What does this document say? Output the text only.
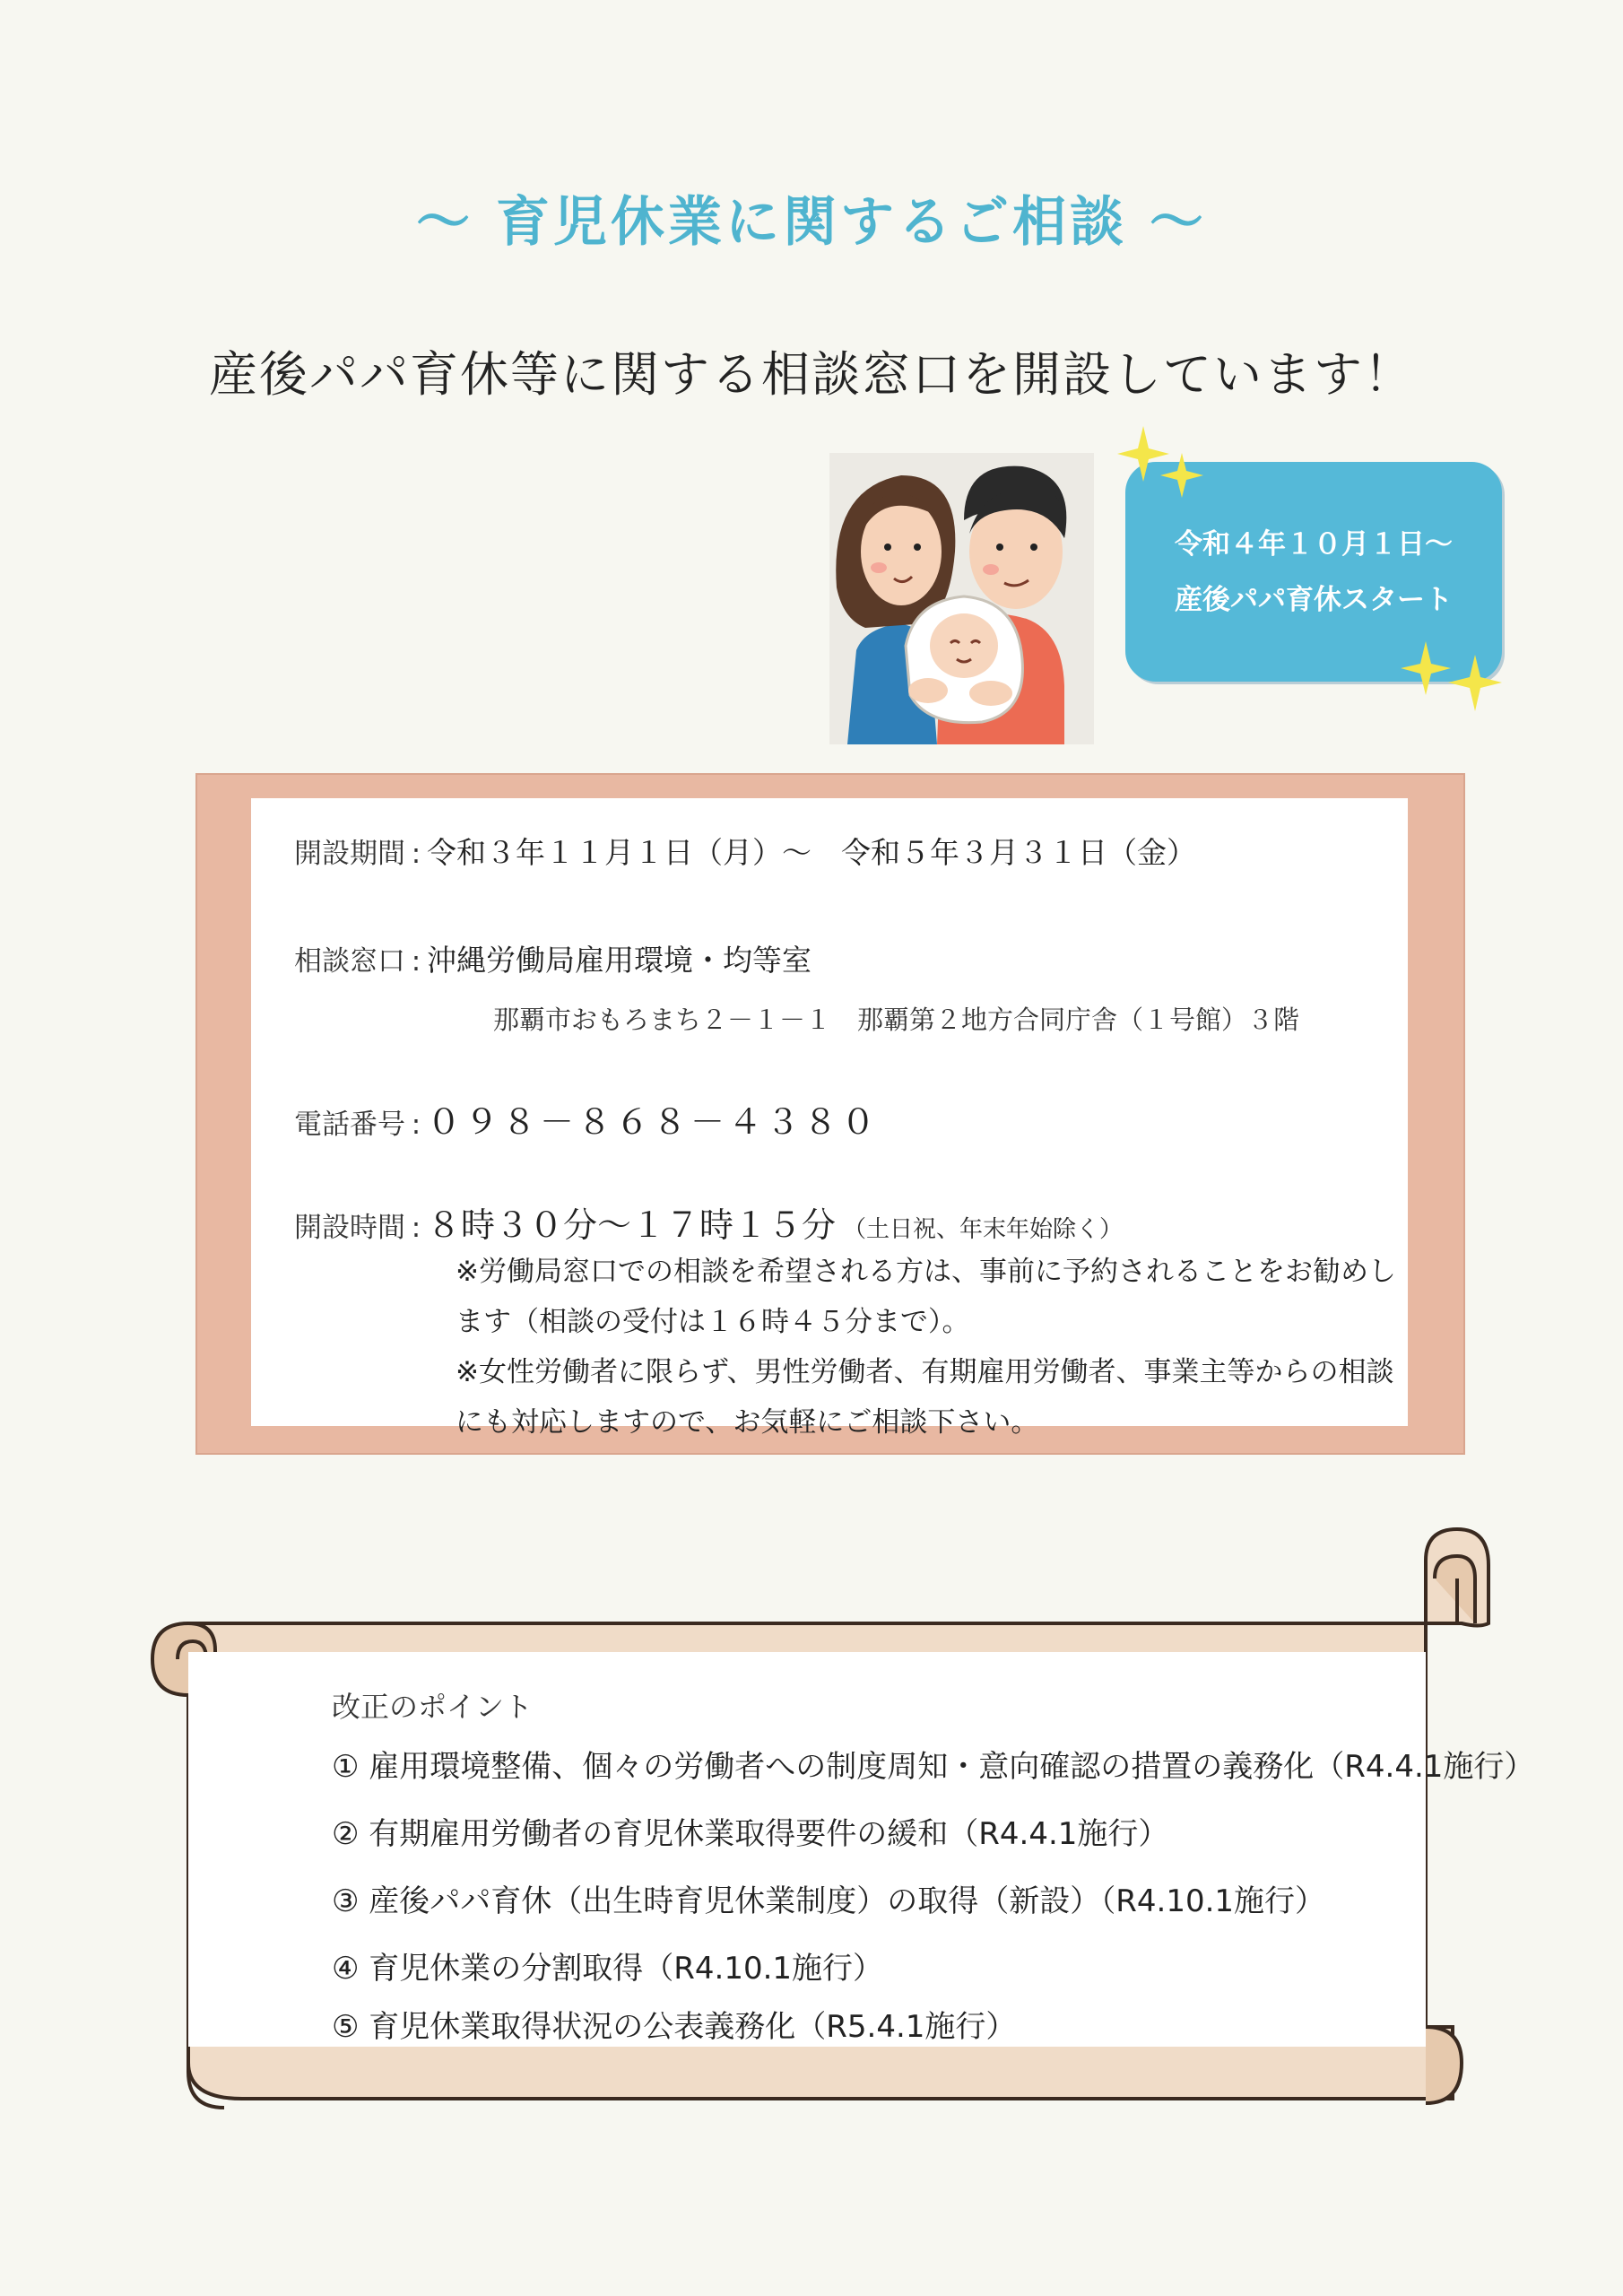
～ 育児休業に関するご相談 ～
産後パパ育休等に関する相談窓口を開設しています！
令和４年１０月１日～
産後パパ育休スタート
開設期間 : 令和３年１１月１日（月）～　令和５年３月３１日（金）
相談窓口 : 沖縄労働局雇用環境・均等室
那覇市おもろまち２－１－１　那覇第２地方合同庁舎（１号館）３階
電話番号 : ０９８－８６８－４３８０
開設時間 : ８時３０分～１７時１５分 （土日祝、年末年始除く）
※労働局窓口での相談を希望される方は、事前に予約されることをお勧めし
ます（相談の受付は１６時４５分まで）。
※女性労働者に限らず、男性労働者、有期雇用労働者、事業主等からの相談
にも対応しますので、お気軽にご相談下さい。
改正のポイント
① 雇用環境整備、個々の労働者への制度周知・意向確認の措置の義務化（R4.4.1施行）
② 有期雇用労働者の育児休業取得要件の緩和（R4.4.1施行）
③ 産後パパ育休（出生時育児休業制度）の取得（新設）（R4.10.1施行）
④ 育児休業の分割取得（R4.10.1施行）
⑤ 育児休業取得状況の公表義務化（R5.4.1施行）
